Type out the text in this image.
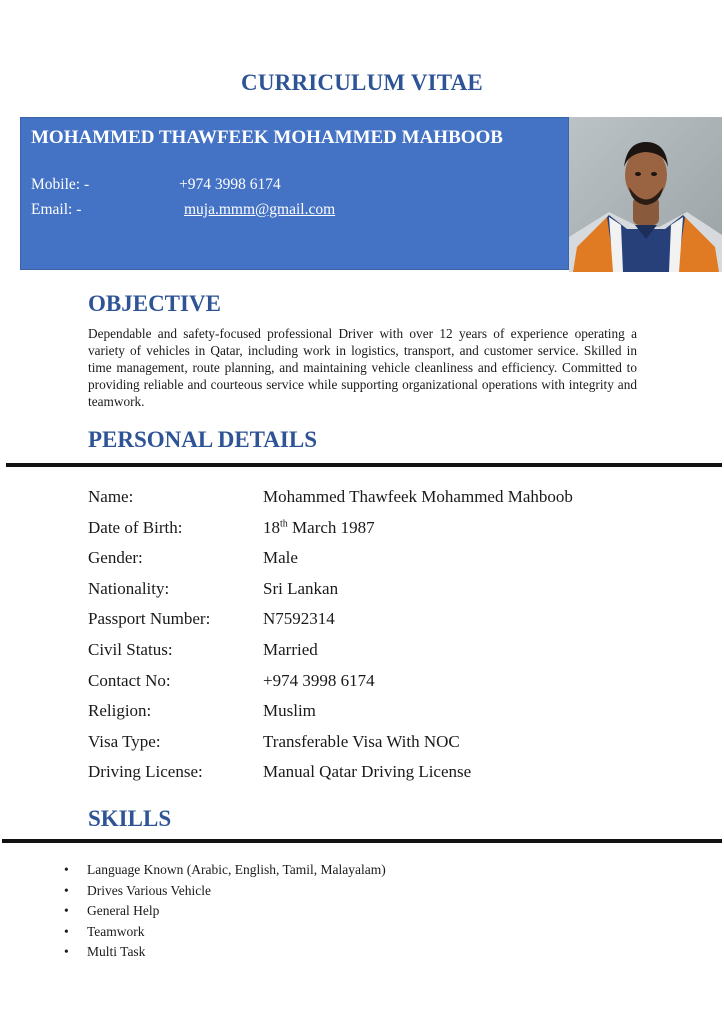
CURRICULUM VITAE
MOHAMMED THAWFEEK MOHAMMED MAHBOOB
Mobile: -	+974 3998 6174
Email: -	muja.mmm@gmail.com
OBJECTIVE
Dependable and safety-focused professional Driver with over 12 years of experience operating a variety of vehicles in Qatar, including work in logistics, transport, and customer service. Skilled in time management, route planning, and maintaining vehicle cleanliness and efficiency. Committed to providing reliable and courteous service while supporting organizational operations with integrity and teamwork.
PERSONAL DETAILS
Name:	Mohammed Thawfeek Mohammed Mahboob
Date of Birth:	18th March 1987
Gender:	Male
Nationality:	Sri Lankan
Passport Number:	N7592314
Civil Status:	Married
Contact No:	+974 3998 6174
Religion:	Muslim
Visa Type:	Transferable Visa With NOC
Driving License:	Manual Qatar Driving License
SKILLS
• Language Known (Arabic, English, Tamil, Malayalam)
• Drives Various Vehicle
• General Help
• Teamwork
• Multi Task
